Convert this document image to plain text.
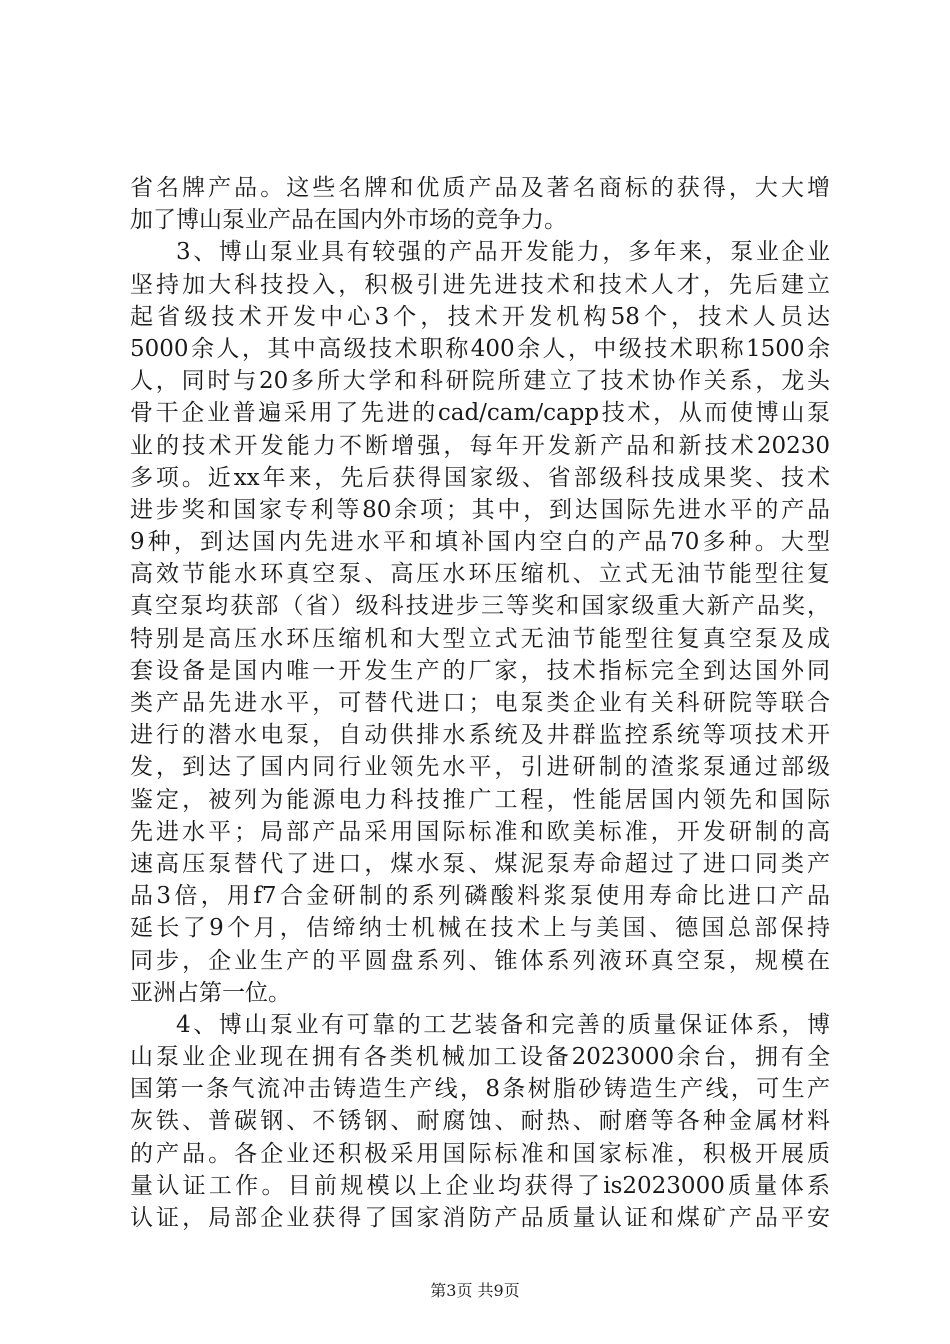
省名牌产品。这些名牌和优质产品及著名商标的获得，大大增
加了博山泵业产品在国内外市场的竞争力。
3、博山泵业具有较强的产品开发能力，多年来，泵业企业
坚持加大科技投入，积极引进先进技术和技术人才，先后建立
起省级技术开发中心3个，技术开发机构58个，技术人员达
5000余人，其中高级技术职称400余人，中级技术职称1500余
人，同时与20多所大学和科研院所建立了技术协作关系，龙头
骨干企业普遍采用了先进的cad/cam/capp技术，从而使博山泵
业的技术开发能力不断增强，每年开发新产品和新技术20230
多项。近xx年来，先后获得国家级、省部级科技成果奖、技术
进步奖和国家专利等80余项；其中，到达国际先进水平的产品
9种，到达国内先进水平和填补国内空白的产品70多种。大型
高效节能水环真空泵、高压水环压缩机、立式无油节能型往复
真空泵均获部（省）级科技进步三等奖和国家级重大新产品奖，
特别是高压水环压缩机和大型立式无油节能型往复真空泵及成
套设备是国内唯一开发生产的厂家，技术指标完全到达国外同
类产品先进水平，可替代进口；电泵类企业有关科研院等联合
进行的潜水电泵，自动供排水系统及井群监控系统等项技术开
发，到达了国内同行业领先水平，引进研制的渣浆泵通过部级
鉴定，被列为能源电力科技推广工程，性能居国内领先和国际
先进水平；局部产品采用国际标准和欧美标准，开发研制的高
速高压泵替代了进口，煤水泵、煤泥泵寿命超过了进口同类产
品3倍，用f7合金研制的系列磷酸料浆泵使用寿命比进口产品
延长了9个月，佶缔纳士机械在技术上与美国、德国总部保持
同步，企业生产的平圆盘系列、锥体系列液环真空泵，规模在
亚洲占第一位。
4、博山泵业有可靠的工艺装备和完善的质量保证体系，博
山泵业企业现在拥有各类机械加工设备2023000余台，拥有全
国第一条气流冲击铸造生产线，8条树脂砂铸造生产线，可生产
灰铁、普碳钢、不锈钢、耐腐蚀、耐热、耐磨等各种金属材料
的产品。各企业还积极采用国际标准和国家标准，积极开展质
量认证工作。目前规模以上企业均获得了is2023000质量体系
认证，局部企业获得了国家消防产品质量认证和煤矿产品平安
第3页 共9页
